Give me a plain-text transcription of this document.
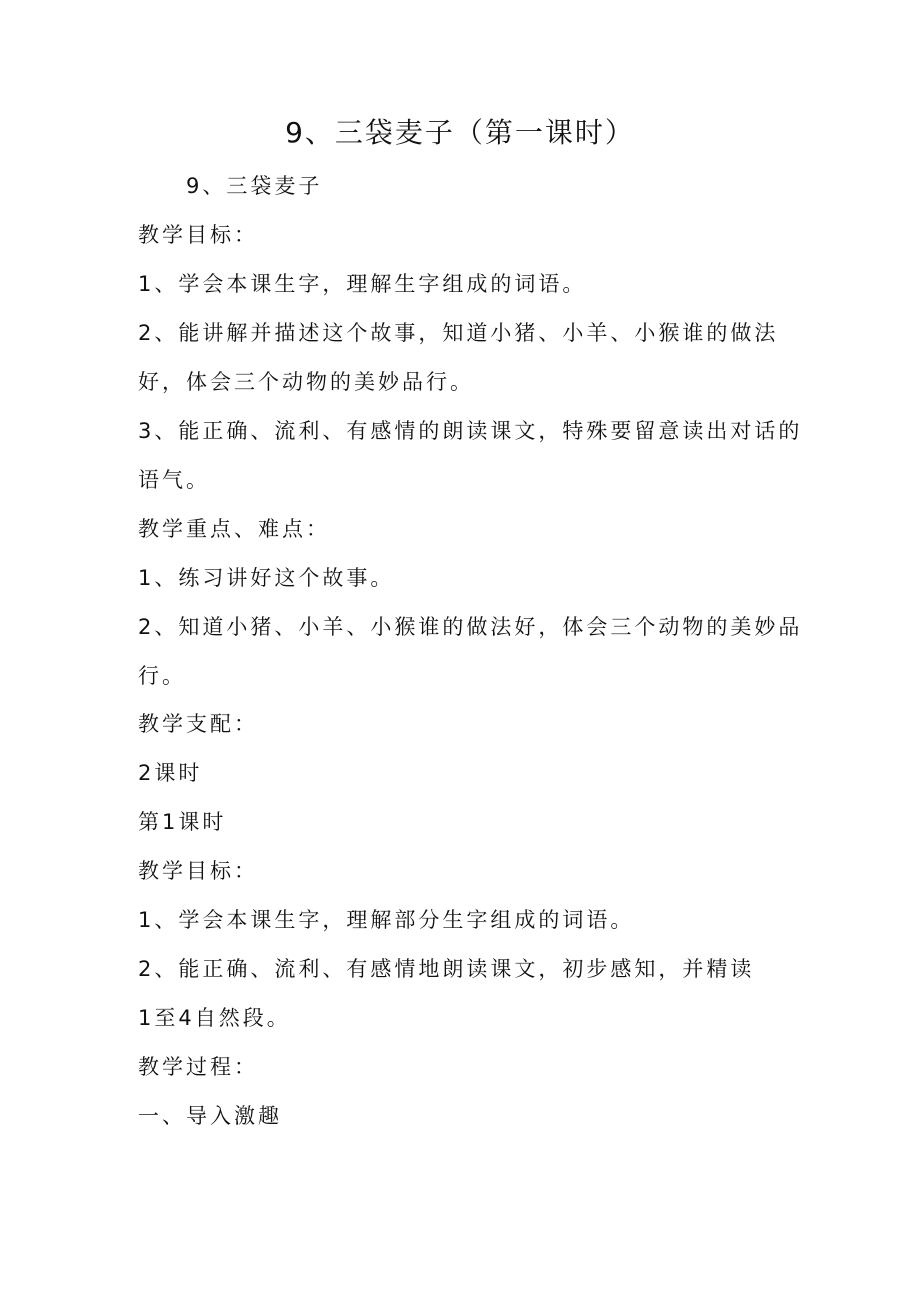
9、三袋麦子（第一课时）
9、三袋麦子
教学目标：
1、学会本课生字，理解生字组成的词语。
2、能讲解并描述这个故事，知道小猪、小羊、小猴谁的做法
好，体会三个动物的美妙品行。
3、能正确、流利、有感情的朗读课文，特殊要留意读出对话的
语气。
教学重点、难点：
1、练习讲好这个故事。
2、知道小猪、小羊、小猴谁的做法好，体会三个动物的美妙品
行。
教学支配：
2课时
第1课时
教学目标：
1、学会本课生字，理解部分生字组成的词语。
2、能正确、流利、有感情地朗读课文，初步感知，并精读
1至4自然段。
教学过程：
一、导入激趣
